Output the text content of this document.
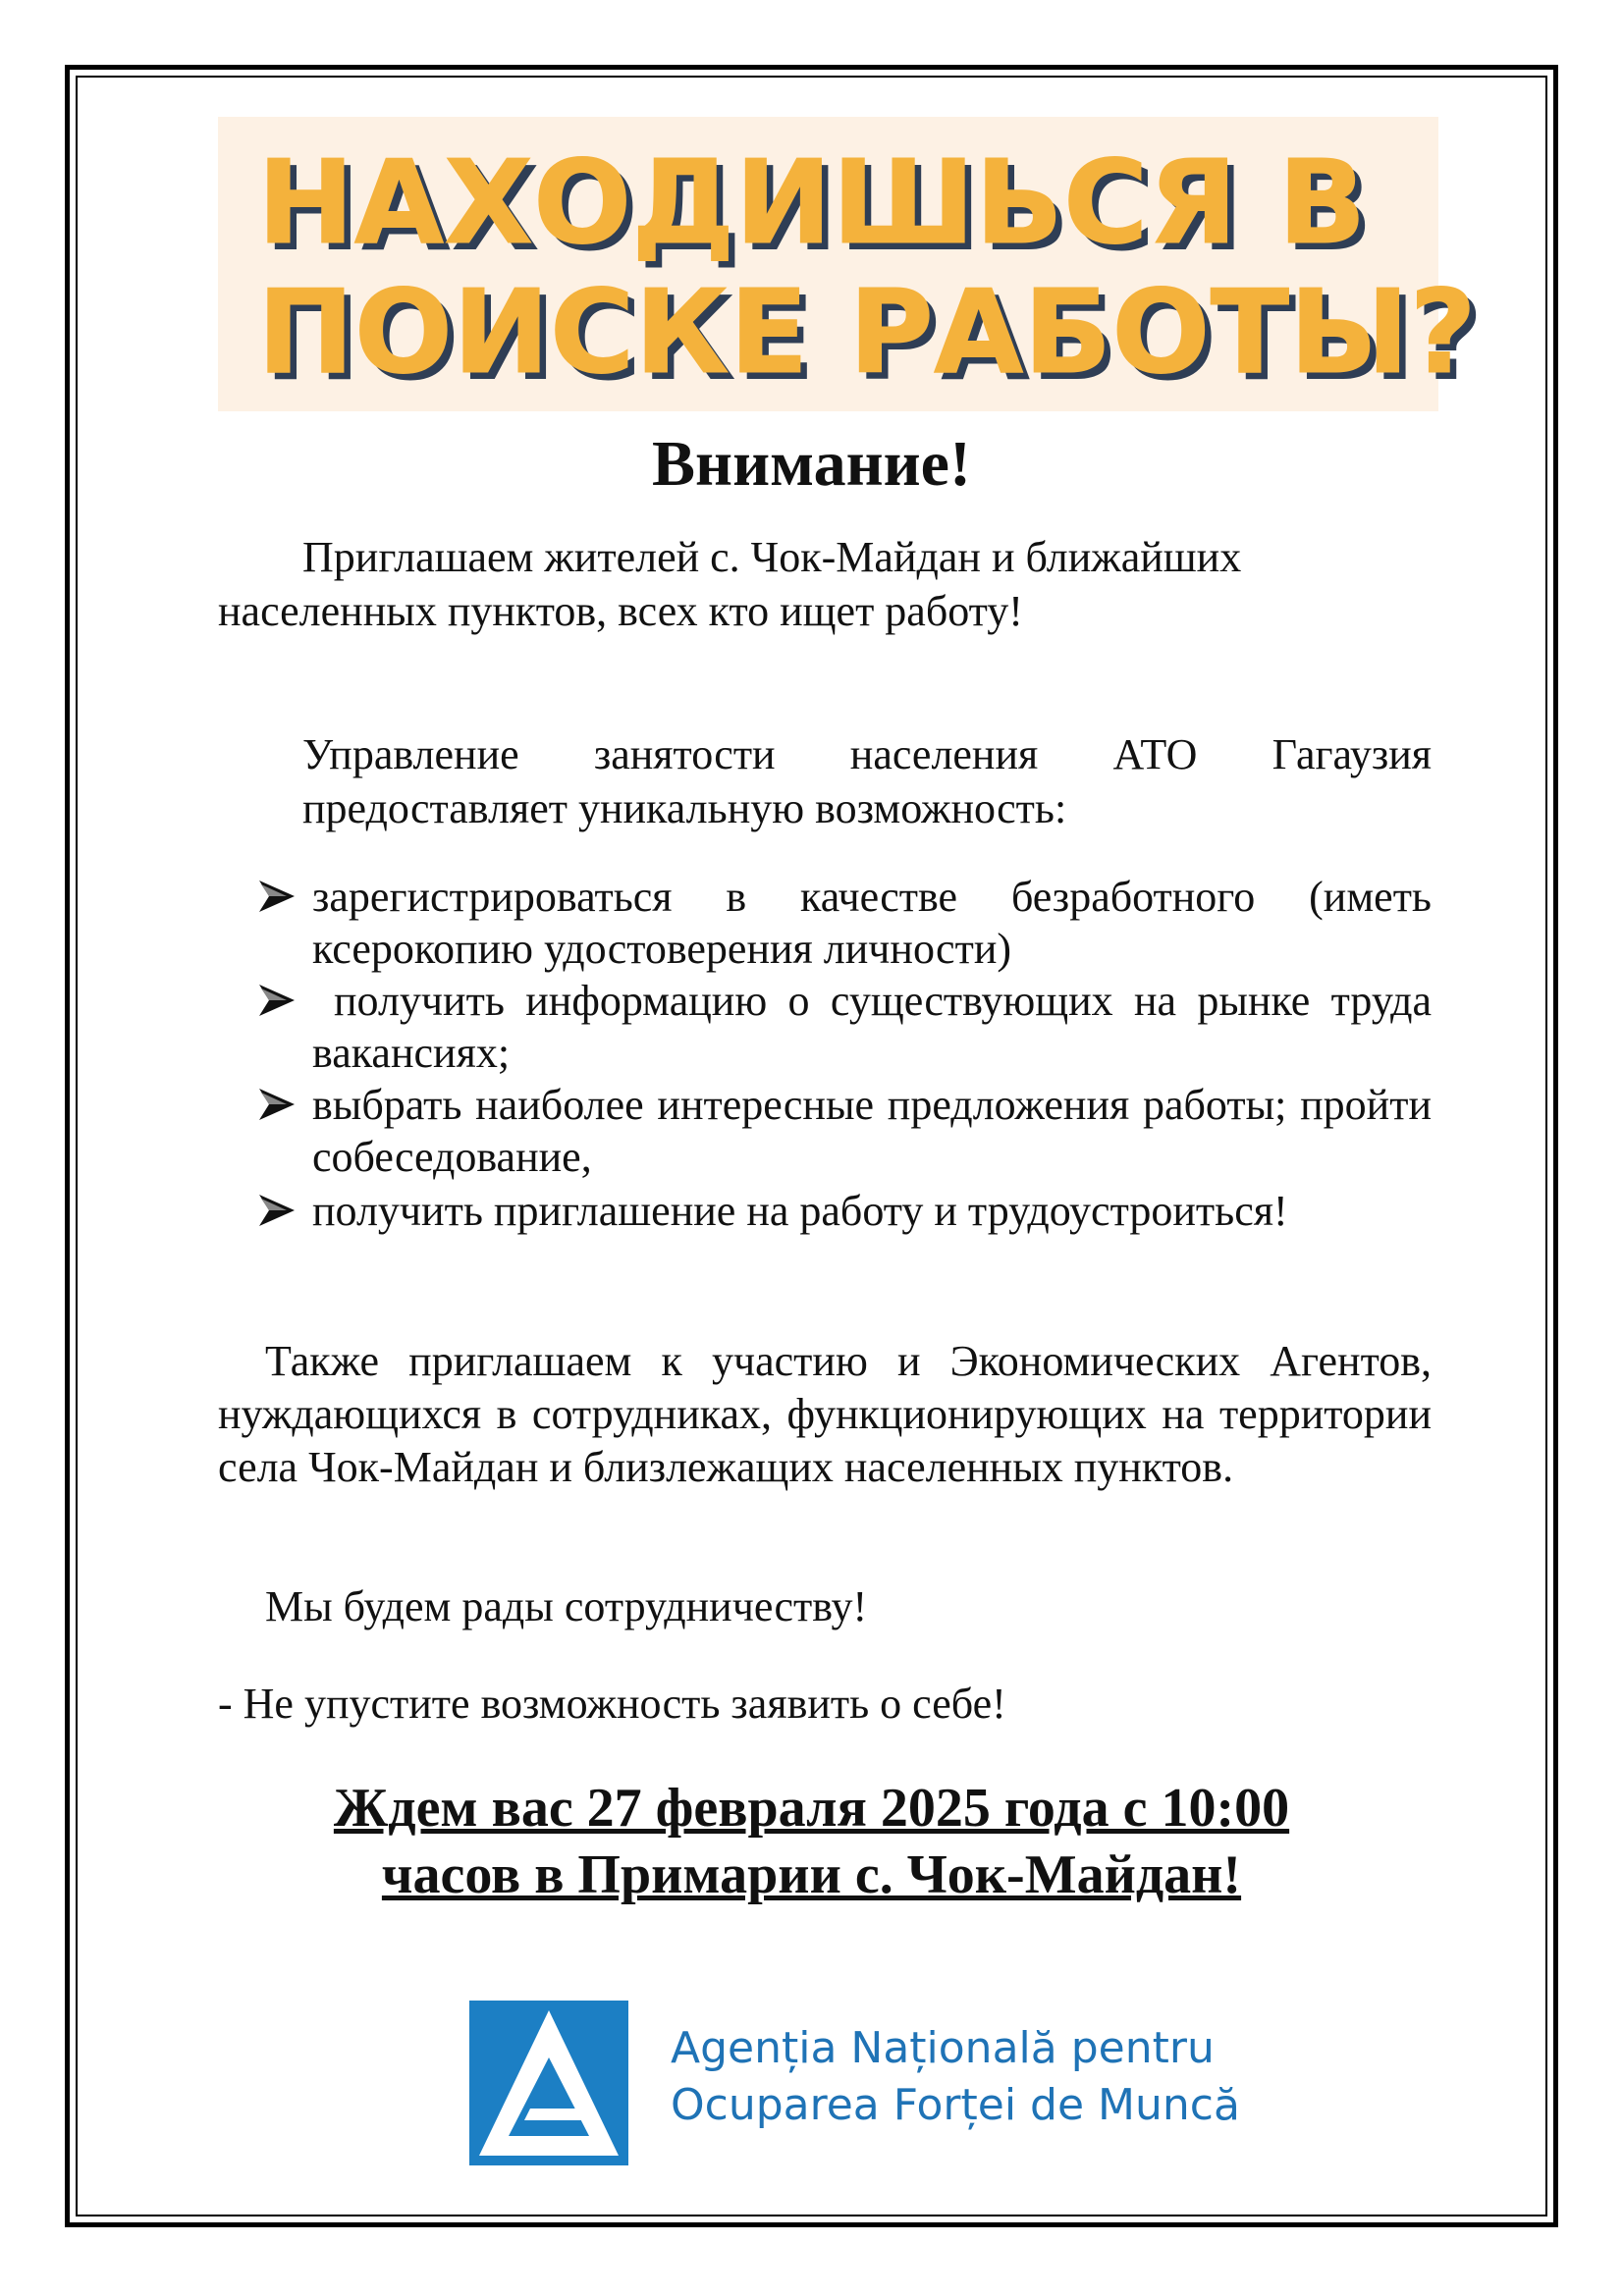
НАХОДИШЬСЯ В
ПОИСКЕ РАБОТЫ?
Внимание!
Приглашаем жителей с. Чок-Майдан и ближайших населенных пунктов, всех кто ищет работу!
Управление занятости населения АТО Гагаузия предоставляет уникальную возможность:
зарегистрироваться в качестве безработного (иметь ксерокопию удостоверения личности)
получить информацию о существующих на рынке труда вакансиях;
выбрать наиболее интересные предложения работы; пройти собеседование,
получить приглашение на работу и трудоустроиться!
Также приглашаем к участию и Экономических Агентов, нуждающихся в сотрудниках, функционирующих на территории села Чок-Майдан и близлежащих населенных пунктов.
Мы будем рады сотрудничеству!
- Не упустите возможность заявить о себе!
Ждем вас 27 февраля 2025 года с 10:00
часов в Примарии с. Чок-Майдан!
Agenția Națională pentru
Ocuparea Forței de Muncă
